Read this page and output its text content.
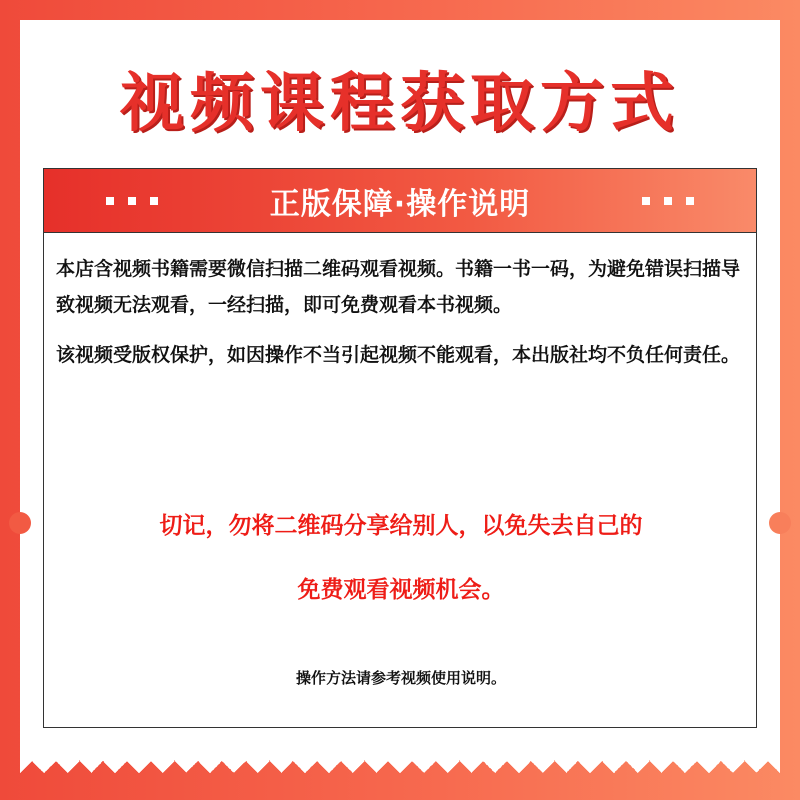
视频课程获取方式
正版保障·操作说明

本店含视频书籍需要微信扫描二维码观看视频。书籍一书一码，为避免错误扫描导致视频无法观看，一经扫描，即可免费观看本书视频。

该视频受版权保护，如因操作不当引起视频不能观看，本出版社均不负任何责任。

切记，勿将二维码分享给别人，以免失去自己的

免费观看视频机会。

操作方法请参考视频使用说明。
